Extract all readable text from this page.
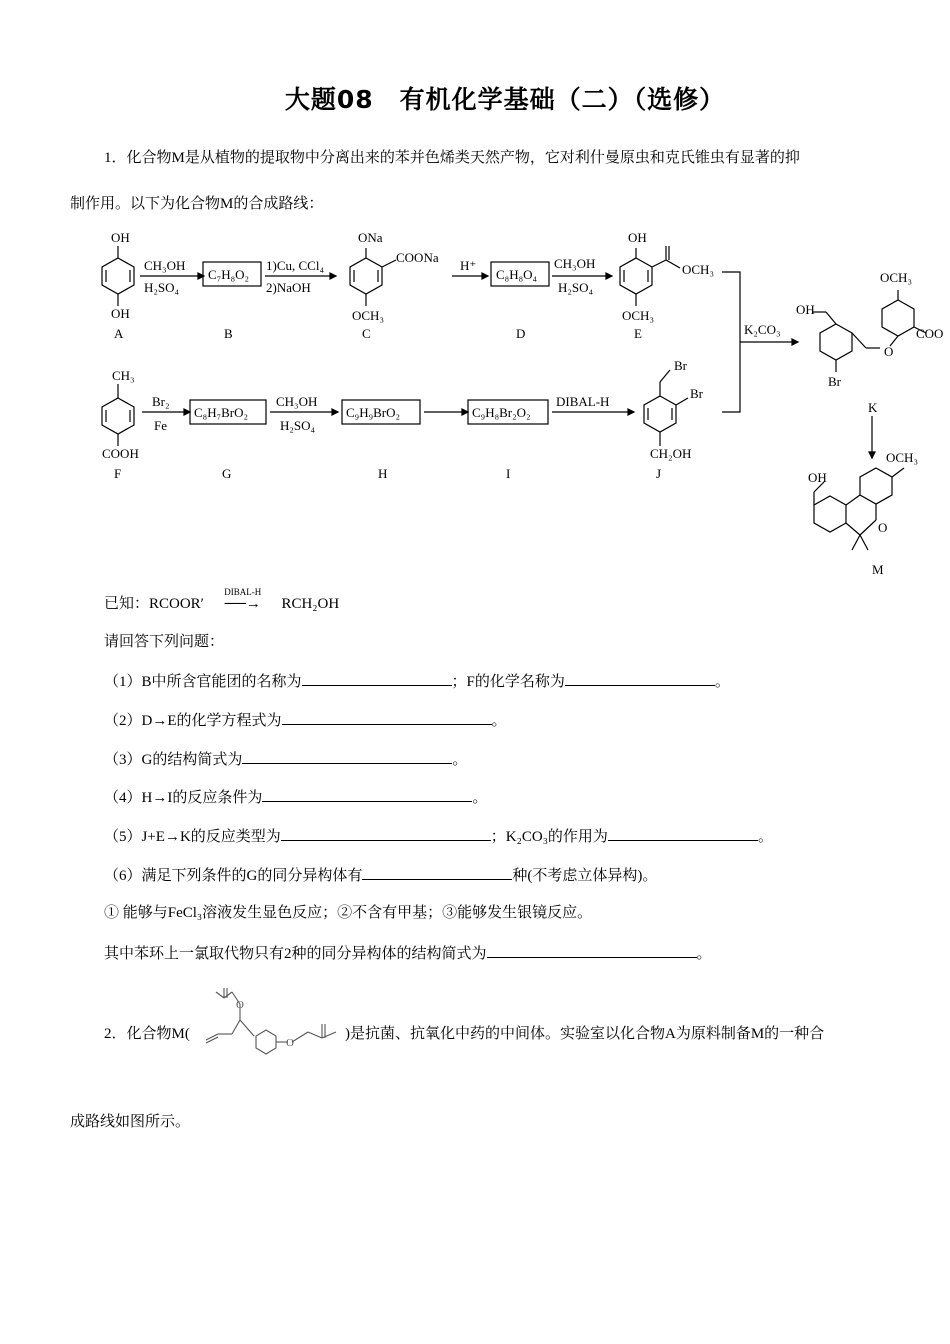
大题08　有机化学基础（二）（选修）
1．化合物M是从植物的提取物中分离出来的苯并色烯类天然产物，它对利什曼原虫和克氏锥虫有显著的抑
制作用。以下为化合物M的合成路线：
OH
OH
A
CH₃OH
H₂SO₄
C₇H₈O₂
B
1)Cu, CCl₄
2)NaOH
ONa
COONa
OCH₃
C
H⁺
C₈H₈O₄
D
CH₃OH
H₂SO₄
OH
OCH₃
OCH₃
E	K₂CO₃
OH
OCH₃
COO
O
Br
K
OH
OCH₃
O
M
CH₃
COOH
F
Br₂
Fe
C₈H₇BrO₂
G
CH₃OH
H₂SO₄
C₉H₉BrO₂
H
C₉H₈Br₂O₂
I
DIBAL-H
Br
Br
CH₂OH
J
已知：RCOOR′
DIBAL-H
──→ RCH₂OH
请回答下列问题：
（1）B中所含官能团的名称为	；F的化学名称为	。
（2）D→E的化学方程式为	。
（3）G的结构简式为	。
（4）H→I的反应条件为	。
（5）J+E→K的反应类型为	；K₂CO₃的作用为	。
（6）满足下列条件的G的同分异构体有	种(不考虑立体异构)。
① 能够与FeCl₃溶液发生显色反应；②不含有甲基；③能够发生银镜反应。
其中苯环上一氯取代物只有2种的同分异构体的结构简式为	。
2．化合物M(
O
O
)是抗菌、抗氧化中药的中间体。实验室以化合物A为原料制备M的一种合
成路线如图所示。
